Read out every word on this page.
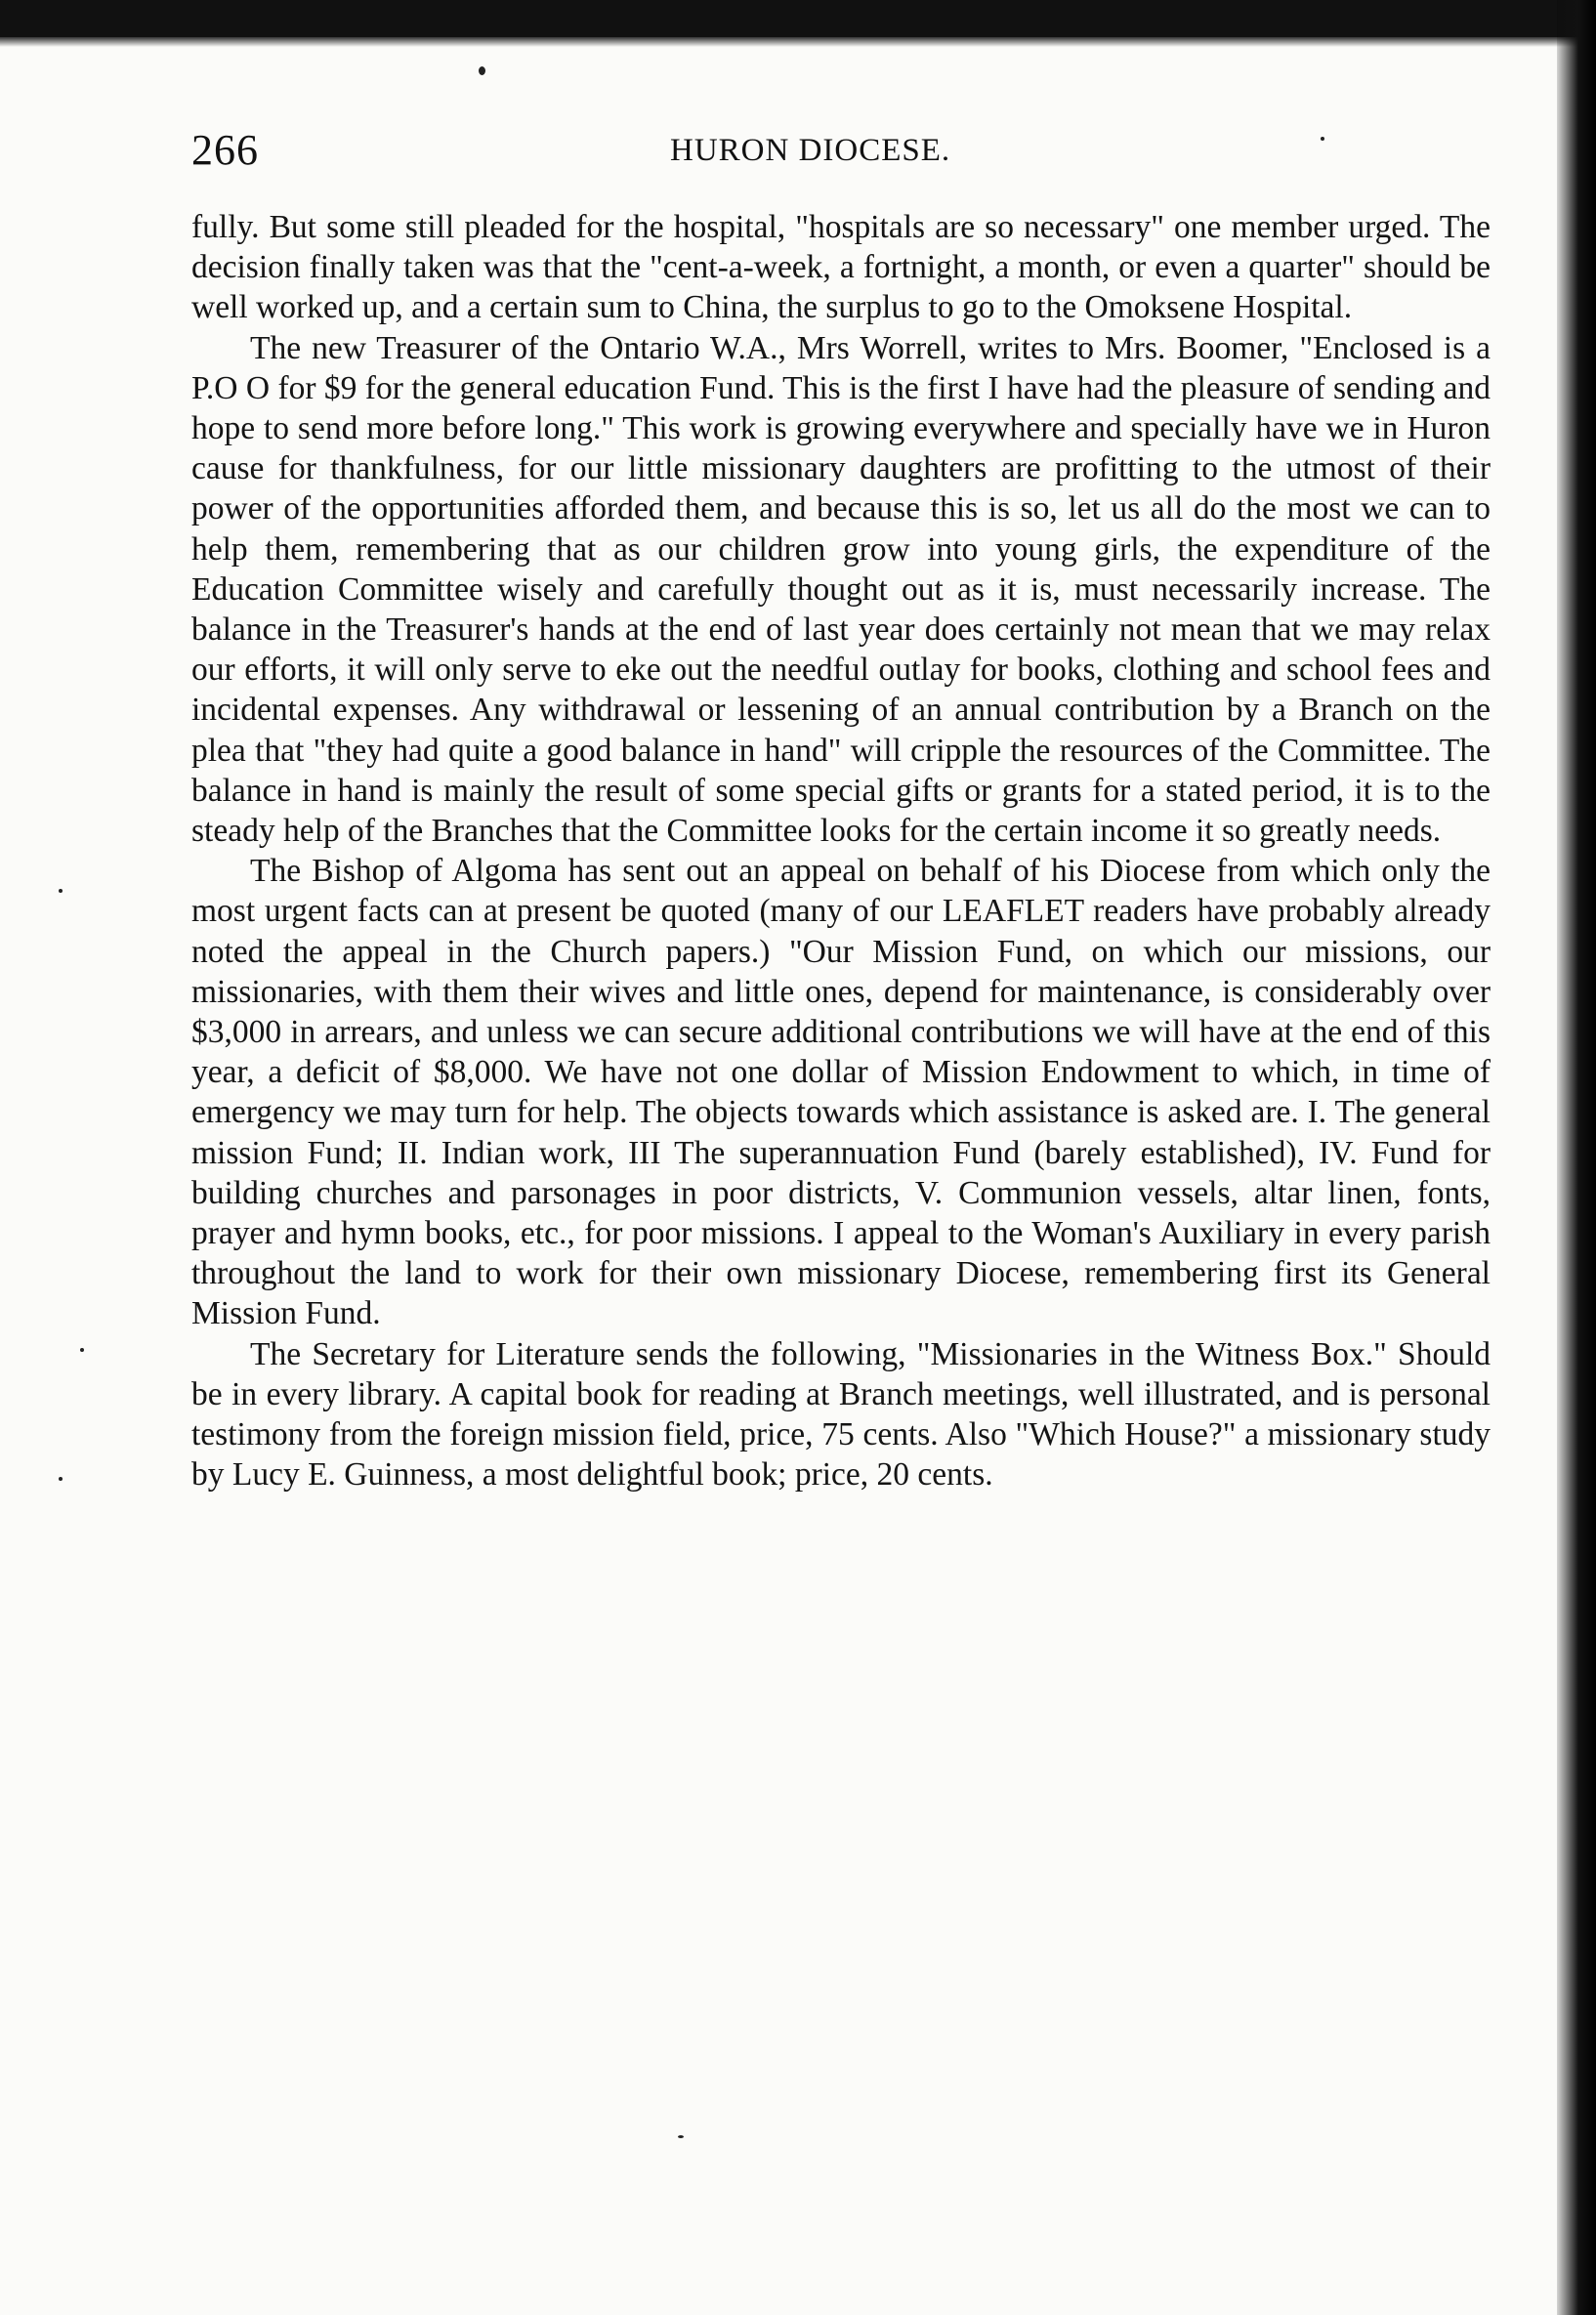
266	HURON DIOCESE.

fully. But some still pleaded for the hospital, "hospitals are so necessary" one member urged. The decision finally taken was that the "cent-a-week, a fortnight, a month, or even a quarter" should be well worked up, and a certain sum to China, the surplus to go to the Omoksene Hospital.

The new Treasurer of the Ontario W.A., Mrs Worrell, writes to Mrs. Boomer, "Enclosed is a P.O O for $9 for the general education Fund. This is the first I have had the pleasure of sending and hope to send more before long." This work is growing everywhere and specially have we in Huron cause for thankfulness, for our little missionary daughters are profitting to the utmost of their power of the opportunities afforded them, and because this is so, let us all do the most we can to help them, remembering that as our children grow into young girls, the expenditure of the Education Committee wisely and carefully thought out as it is, must necessarily increase. The balance in the Treasurer's hands at the end of last year does certainly not mean that we may relax our efforts, it will only serve to eke out the needful outlay for books, clothing and school fees and incidental expenses. Any withdrawal or lessening of an annual contribution by a Branch on the plea that "they had quite a good balance in hand" will cripple the resources of the Committee. The balance in hand is mainly the result of some special gifts or grants for a stated period, it is to the steady help of the Branches that the Committee looks for the certain income it so greatly needs.

The Bishop of Algoma has sent out an appeal on behalf of his Diocese from which only the most urgent facts can at present be quoted (many of our LEAFLET readers have probably already noted the appeal in the Church papers.) "Our Mission Fund, on which our missions, our missionaries, with them their wives and little ones, depend for maintenance, is considerably over $3,000 in arrears, and unless we can secure additional contributions we will have at the end of this year, a deficit of $8,000. We have not one dollar of Mission Endowment to which, in time of emergency we may turn for help. The objects towards which assistance is asked are. I. The general mission Fund; II. Indian work, III The superannuation Fund (barely established), IV. Fund for building churches and parsonages in poor districts, V. Communion vessels, altar linen, fonts, prayer and hymn books, etc., for poor missions. I appeal to the Woman's Auxiliary in every parish throughout the land to work for their own missionary Diocese, remembering first its General Mission Fund.

The Secretary for Literature sends the following, "Missionaries in the Witness Box." Should be in every library. A capital book for reading at Branch meetings, well illustrated, and is personal testimony from the foreign mission field, price, 75 cents. Also "Which House?" a missionary study by Lucy E. Guinness, a most delightful book; price, 20 cents.
